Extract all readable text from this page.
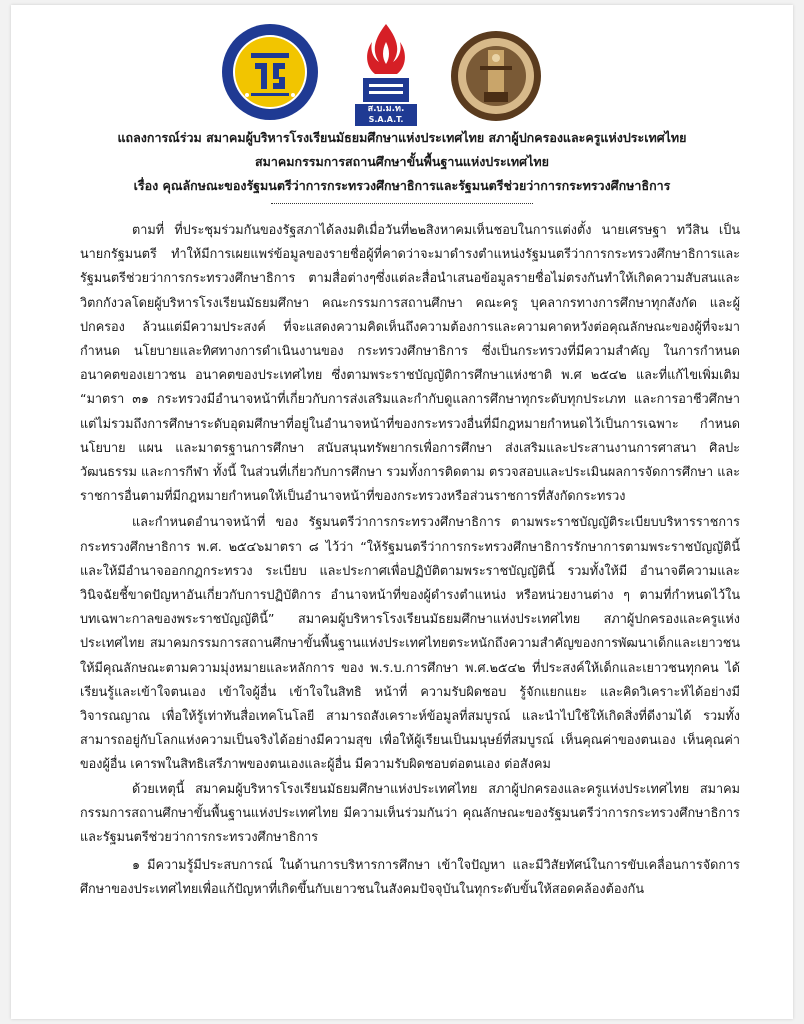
ส.บ.ม.ท.
S.A.A.T.
แถลงการณ์ร่วม สมาคมผู้บริหารโรงเรียนมัธยมศึกษาแห่งประเทศไทย สภาผู้ปกครองและครูแห่งประเทศไทย
สมาคมกรรมการสถานศึกษาขั้นพื้นฐานแห่งประเทศไทย
เรื่อง คุณลักษณะของรัฐมนตรีว่าการกระทรวงศึกษาธิการและรัฐมนตรีช่วยว่าการกระทรวงศึกษาธิการ

ตามที่ ที่ประชุมร่วมกันของรัฐสภาได้ลงมติเมื่อวันที่๒๒สิงหาคมเห็นชอบในการแต่งตั้ง นายเศรษฐา ทวีสิน เป็นนายกรัฐมนตรี ทำให้มีการเผยแพร่ข้อมูลของรายชื่อผู้ที่คาดว่าจะมาดำรงตำแหน่งรัฐมนตรีว่าการกระทรวงศึกษาธิการและรัฐมนตรีช่วยว่าการกระทรวงศึกษาธิการ ตามสื่อต่างๆซึ่งแต่ละสื่อนำเสนอข้อมูลรายชื่อไม่ตรงกันทำให้เกิดความสับสนและวิตกกังวลโดยผู้บริหารโรงเรียนมัธยมศึกษา คณะกรรมการสถานศึกษา คณะครู บุคลากรทางการศึกษาทุกสังกัด และผู้ปกครอง ล้วนแต่มีความประสงค์ ที่จะแสดงความคิดเห็นถึงความต้องการและความคาดหวังต่อคุณลักษณะของผู้ที่จะมากำหนด นโยบายและทิศทางการดำเนินงานของ กระทรวงศึกษาธิการ ซึ่งเป็นกระทรวงที่มีความสำคัญ ในการกำหนดอนาคตของเยาวชน อนาคตของประเทศไทย ซึ่งตามพระราชบัญญัติการศึกษาแห่งชาติ พ.ศ ๒๕๔๒ และที่แก้ไขเพิ่มเติม “มาตรา ๓๑ กระทรวงมีอำนาจหน้าที่เกี่ยวกับการส่งเสริมและกำกับดูแลการศึกษาทุกระดับทุกประเภท และการอาชีวศึกษา แต่ไม่รวมถึงการศึกษาระดับอุดมศึกษาที่อยู่ในอำนาจหน้าที่ของกระทรวงอื่นที่มีกฎหมายกำหนดไว้เป็นการเฉพาะ กำหนดนโยบาย แผน และมาตรฐานการศึกษา สนับสนุนทรัพยากรเพื่อการศึกษา ส่งเสริมและประสานงานการศาสนา ศิลปะ วัฒนธรรม และการกีฬา ทั้งนี้ ในส่วนที่เกี่ยวกับการศึกษา รวมทั้งการติดตาม ตรวจสอบและประเมินผลการจัดการศึกษา และราชการอื่นตามที่มีกฎหมายกำหนดให้เป็นอำนาจหน้าที่ของกระทรวงหรือส่วนราชการที่สังกัดกระทรวง

และกำหนดอำนาจหน้าที่ ของ รัฐมนตรีว่าการกระทรวงศึกษาธิการ ตามพระราชบัญญัติระเบียบบริหารราชการกระทรวงศึกษาธิการ พ.ศ. ๒๕๔๖มาตรา ๘ ไว้ว่า “ให้รัฐมนตรีว่าการกระทรวงศึกษาธิการรักษาการตามพระราชบัญญัตินี้ และให้มีอำนาจออกกฎกระทรวง ระเบียบ และประกาศเพื่อปฏิบัติตามพระราชบัญญัตินี้ รวมทั้งให้มี อำนาจตีความและวินิจฉัยชี้ขาดปัญหาอันเกี่ยวกับการปฏิบัติการ อำนาจหน้าที่ของผู้ดำรงตำแหน่ง หรือหน่วยงานต่าง ๆ ตามที่กำหนดไว้ในบทเฉพาะกาลของพระราชบัญญัตินี้” สมาคมผู้บริหารโรงเรียนมัธยมศึกษาแห่งประเทศไทย สภาผู้ปกครองและครูแห่งประเทศไทย สมาคมกรรมการสถานศึกษาขั้นพื้นฐานแห่งประเทศไทยตระหนักถึงความสำคัญของการพัฒนาเด็กและเยาวชนให้มีคุณลักษณะตามความมุ่งหมายและหลักการ ของ พ.ร.บ.การศึกษา พ.ศ.๒๕๔๒ ที่ประสงค์ให้เด็กและเยาวชนทุกคน ได้เรียนรู้และเข้าใจตนเอง เข้าใจผู้อื่น เข้าใจในสิทธิ หน้าที่ ความรับผิดชอบ รู้จักแยกแยะ และคิดวิเคราะห์ได้อย่างมีวิจารณญาณ เพื่อให้รู้เท่าทันสื่อเทคโนโลยี สามารถสังเคราะห์ข้อมูลที่สมบูรณ์ และนำไปใช้ให้เกิดสิ่งที่ดีงามได้ รวมทั้งสามารถอยู่กับโลกแห่งความเป็นจริงได้อย่างมีความสุข เพื่อให้ผู้เรียนเป็นมนุษย์ที่สมบูรณ์ เห็นคุณค่าของตนเอง เห็นคุณค่าของผู้อื่น เคารพในสิทธิเสรีภาพของตนเองและผู้อื่น มีความรับผิดชอบต่อตนเอง ต่อสังคม

ด้วยเหตุนี้ สมาคมผู้บริหารโรงเรียนมัธยมศึกษาแห่งประเทศไทย สภาผู้ปกครองและครูแห่งประเทศไทย สมาคมกรรมการสถานศึกษาขั้นพื้นฐานแห่งประเทศไทย มีความเห็นร่วมกันว่า คุณลักษณะของรัฐมนตรีว่าการกระทรวงศึกษาธิการและรัฐมนตรีช่วยว่าการกระทรวงศึกษาธิการ

๑ มีความรู้มีประสบการณ์ ในด้านการบริหารการศึกษา เข้าใจปัญหา และมีวิสัยทัศน์ในการขับเคลื่อนการจัดการศึกษาของประเทศไทยเพื่อแก้ปัญหาที่เกิดขึ้นกับเยาวชนในสังคมปัจจุบันในทุกระดับขั้นให้สอดคล้องต้องกัน
